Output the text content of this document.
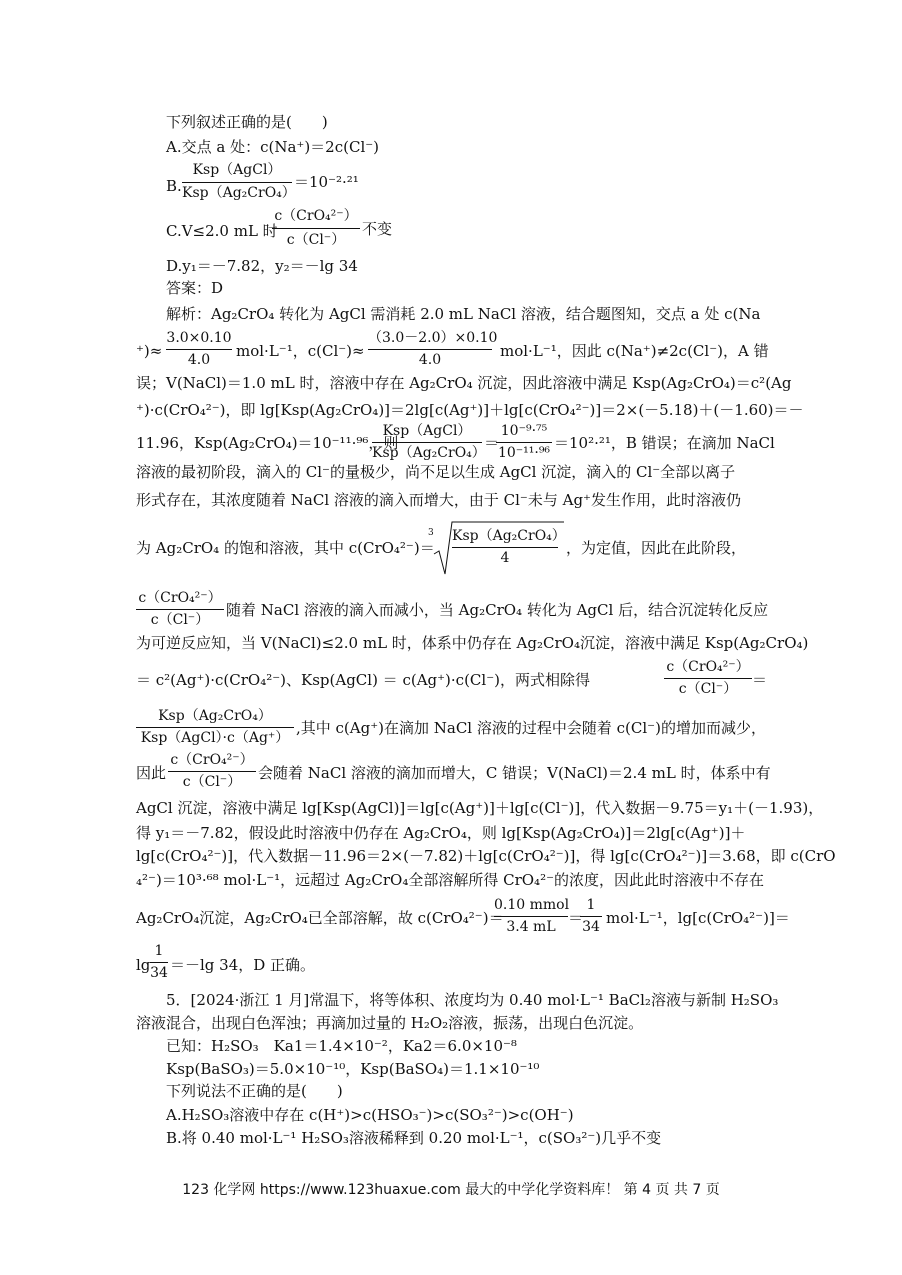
下列叙述正确的是(　　)
A.交点 a 处：c(Na⁺)＝2c(Cl⁻)
B.
Ksp（AgCl）
Ksp（Ag₂CrO₄）
＝10⁻²·²¹
C.V≤2.0 mL 时
c（CrO₄²⁻）
c（Cl⁻）
不变
D.y₁＝－7.82，y₂＝－lg 34
答案：D
解析：Ag₂CrO₄ 转化为 AgCl 需消耗 2.0 mL NaCl 溶液，结合题图知，交点 a 处 c(Na
⁺)≈
3.0×0.10
4.0	mol·L⁻¹，c(Cl⁻)≈
（3.0－2.0）×0.10
4.0	mol·L⁻¹，因此 c(Na⁺)≠2c(Cl⁻)，A 错
误；V(NaCl)＝1.0 mL 时，溶液中存在 Ag₂CrO₄ 沉淀，因此溶液中满足 Ksp(Ag₂CrO₄)＝c²(Ag
⁺)·c(CrO₄²⁻)，即 lg[Ksp(Ag₂CrO₄)]＝2lg[c(Ag⁺)]＋lg[c(CrO₄²⁻)]＝2×(－5.18)＋(－1.60)＝－
11.96，Ksp(Ag₂CrO₄)＝10⁻¹¹·⁹⁶，则
Ksp（AgCl）
Ksp（Ag₂CrO₄）
＝
10⁻⁹·⁷⁵
10⁻¹¹·⁹⁶
＝10²·²¹，B 错误；在滴加 NaCl
溶液的最初阶段，滴入的 Cl⁻的量极少，尚不足以生成 AgCl 沉淀，滴入的 Cl⁻全部以离子
形式存在，其浓度随着 NaCl 溶液的滴入而增大，由于 Cl⁻未与 Ag⁺发生作用，此时溶液仍
为 Ag₂CrO₄ 的饱和溶液，其中 c(CrO₄²⁻)＝
3 Ksp（Ag₂CrO₄）
4
，为定值，因此在此阶段，
c（CrO₄²⁻）
c（Cl⁻）
随着 NaCl 溶液的滴入而减小，当 Ag₂CrO₄ 转化为 AgCl 后，结合沉淀转化反应
为可逆反应知，当 V(NaCl)≤2.0 mL 时，体系中仍存在 Ag₂CrO₄沉淀，溶液中满足 Ksp(Ag₂CrO₄)
＝ c²(Ag⁺)·c(CrO₄²⁻)、Ksp(AgCl) ＝ c(Ag⁺)·c(Cl⁻)，两式相除得
c（CrO₄²⁻）
c（Cl⁻） ＝
Ksp（Ag₂CrO₄）
Ksp（AgCl）·c（Ag⁺）
,其中 c(Ag⁺)在滴加 NaCl 溶液的过程中会随着 c(Cl⁻)的增加而减少，
因此
c（CrO₄²⁻）
c（Cl⁻）	会随着 NaCl 溶液的滴加而增大，C 错误；V(NaCl)＝2.4 mL 时，体系中有
AgCl 沉淀，溶液中满足 lg[Ksp(AgCl)]＝lg[c(Ag⁺)]＋lg[c(Cl⁻)]，代入数据－9.75＝y₁＋(－1.93)，
得 y₁＝－7.82，假设此时溶液中仍存在 Ag₂CrO₄，则 lg[Ksp(Ag₂CrO₄)]＝2lg[c(Ag⁺)]＋
lg[c(CrO₄²⁻)]，代入数据－11.96＝2×(－7.82)＋lg[c(CrO₄²⁻)]，得 lg[c(CrO₄²⁻)]＝3.68，即 c(CrO
₄²⁻)＝10³·⁶⁸ mol·L⁻¹，远超过 Ag₂CrO₄全部溶解所得 CrO₄²⁻的浓度，因此此时溶液中不存在
Ag₂CrO₄沉淀，Ag₂CrO₄已全部溶解，故 c(CrO₄²⁻)＝
0.10 mmol
3.4 mL ＝
1
34 mol·L⁻¹，lg[c(CrO₄²⁻)]＝
lg
1
34 ＝－lg 34，D 正确。
5．[2024·浙江 1 月]常温下，将等体积、浓度均为 0.40 mol·L⁻¹ BaCl₂溶液与新制 H₂SO₃
溶液混合，出现白色浑浊；再滴加过量的 H₂O₂溶液，振荡，出现白色沉淀。
已知：H₂SO₃　Ka1＝1.4×10⁻²，Ka2＝6.0×10⁻⁸
Ksp(BaSO₃)＝5.0×10⁻¹⁰，Ksp(BaSO₄)＝1.1×10⁻¹⁰
下列说法不正确的是(　　)
A.H₂SO₃溶液中存在 c(H⁺)>c(HSO₃⁻)>c(SO₃²⁻)>c(OH⁻)
B.将 0.40 mol·L⁻¹ H₂SO₃溶液稀释到 0.20 mol·L⁻¹，c(SO₃²⁻)几乎不变
123 化学网 https://www.123huaxue.com 最大的中学化学资料库！ 第 4 页 共 7 页
